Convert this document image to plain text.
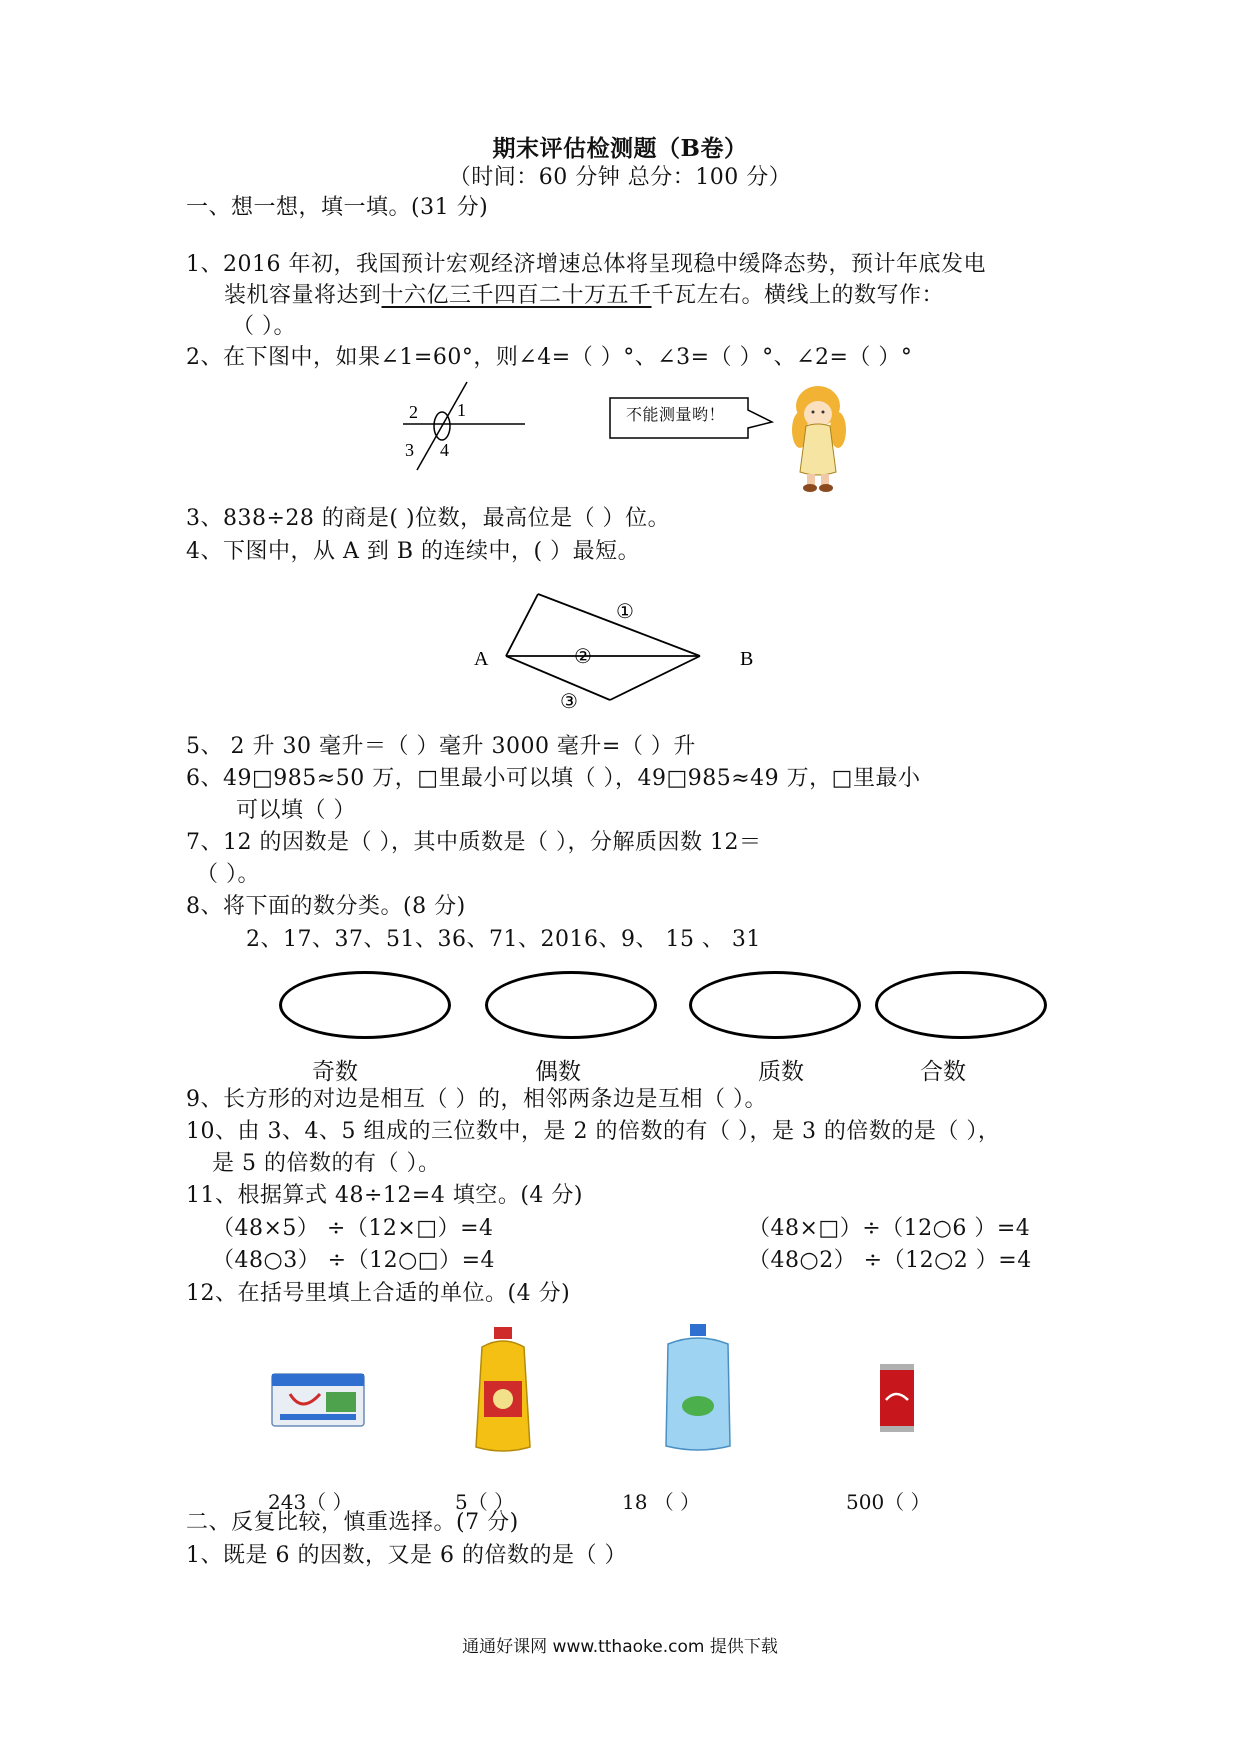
期末评估检测题（B卷）
（时间：60 分钟 总分：100 分）
一、想一想，填一填。(31 分)
1、2016 年初，我国预计宏观经济增速总体将呈现稳中缓降态势，预计年底发电
装机容量将达到十六亿三千四百二十万五千千瓦左右。横线上的数写作：
（ ）。
2、在下图中，如果∠1=60°，则∠4=（ ）°、∠3=（ ）°、∠2=（ ）°
2 1
3 4
不能测量哟！
3、838÷28 的商是( )位数，最高位是（ ）位。
4、下图中，从 A 到 B 的连续中，( ）最短。
A	B
①
②
③
5、 2 升 30 毫升＝（ ）毫升 3000 毫升=（ ）升
6、49□985≈50 万，□里最小可以填（ ），49□985≈49 万，□里最小
可以填（ ）
7、12 的因数是（ ），其中质数是（ ），分解质因数 12＝
（ ）。
8、将下面的数分类。(8 分)
2、17、37、51、36、71、2016、9、 15 、 31
奇数	偶数	质数	合数
9、长方形的对边是相互（ ）的，相邻两条边是互相（ ）。
10、由 3、4、5 组成的三位数中，是 2 的倍数的有（ ），是 3 的倍数的是（ ），
是 5 的倍数的有（ ）。
11、根据算式 48÷12=4 填空。(4 分)
（48×5） ÷（12×□）=4	（48×□）÷（12○6 ）=4
（48○3） ÷（12○□）=4	（48○2） ÷（12○2 ）=4
12、在括号里填上合适的单位。(4 分)
243（ ）	5（ ）	18 （ ）	500（ ）
二、反复比较，慎重选择。(7 分)
1、既是 6 的因数，又是 6 的倍数的是（ ）
通通好课网 www.tthaoke.com 提供下载
